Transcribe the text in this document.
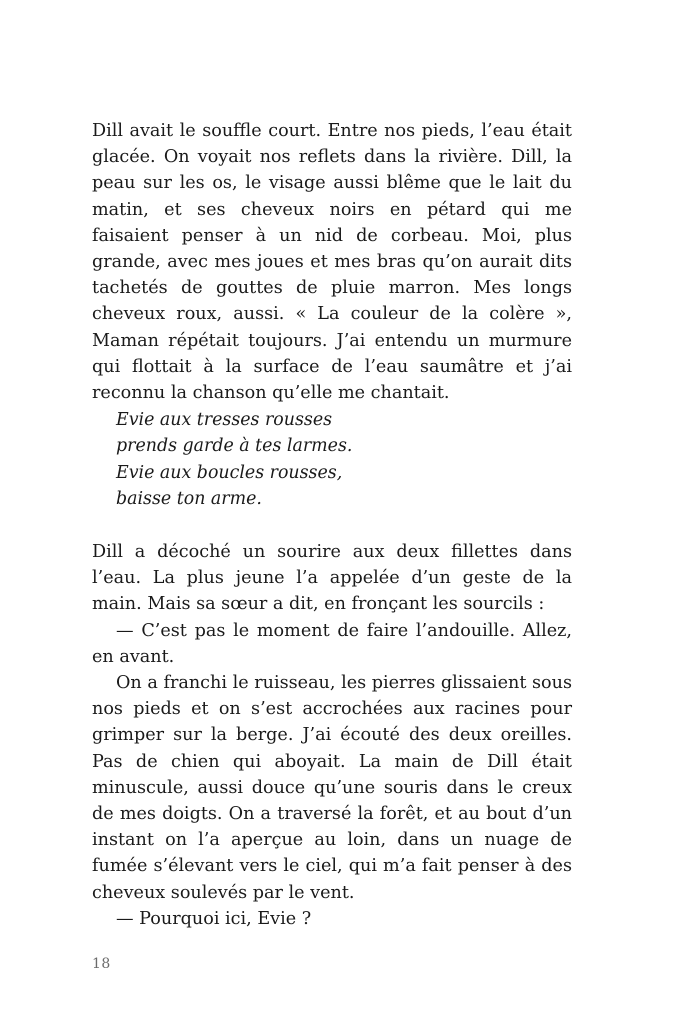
Dill avait le souffle court. Entre nos pieds, l’eau était glacée. On voyait nos reflets dans la rivière. Dill, la peau sur les os, le visage aussi blême que le lait du matin, et ses cheveux noirs en pétard qui me faisaient penser à un nid de corbeau. Moi, plus grande, avec mes joues et mes bras qu’on aurait dits tachetés de gouttes de pluie marron. Mes longs cheveux roux, aussi. « La couleur de la colère », Maman répétait toujours. J’ai entendu un murmure qui flottait à la surface de l’eau saumâtre et j’ai reconnu la chanson qu’elle me chantait.

Evie aux tresses rousses
prends garde à tes larmes.
Evie aux boucles rousses,
baisse ton arme.

Dill a décoché un sourire aux deux fillettes dans l’eau. La plus jeune l’a appelée d’un geste de la main. Mais sa sœur a dit, en fronçant les sourcils :

— C’est pas le moment de faire l’andouille. Allez, en avant.

On a franchi le ruisseau, les pierres glissaient sous nos pieds et on s’est accrochées aux racines pour grimper sur la berge. J’ai écouté des deux oreilles. Pas de chien qui aboyait. La main de Dill était minuscule, aussi douce qu’une souris dans le creux de mes doigts. On a traversé la forêt, et au bout d’un instant on l’a aperçue au loin, dans un nuage de fumée s’élevant vers le ciel, qui m’a fait penser à des cheveux soulevés par le vent.

— Pourquoi ici, Evie ?

18
